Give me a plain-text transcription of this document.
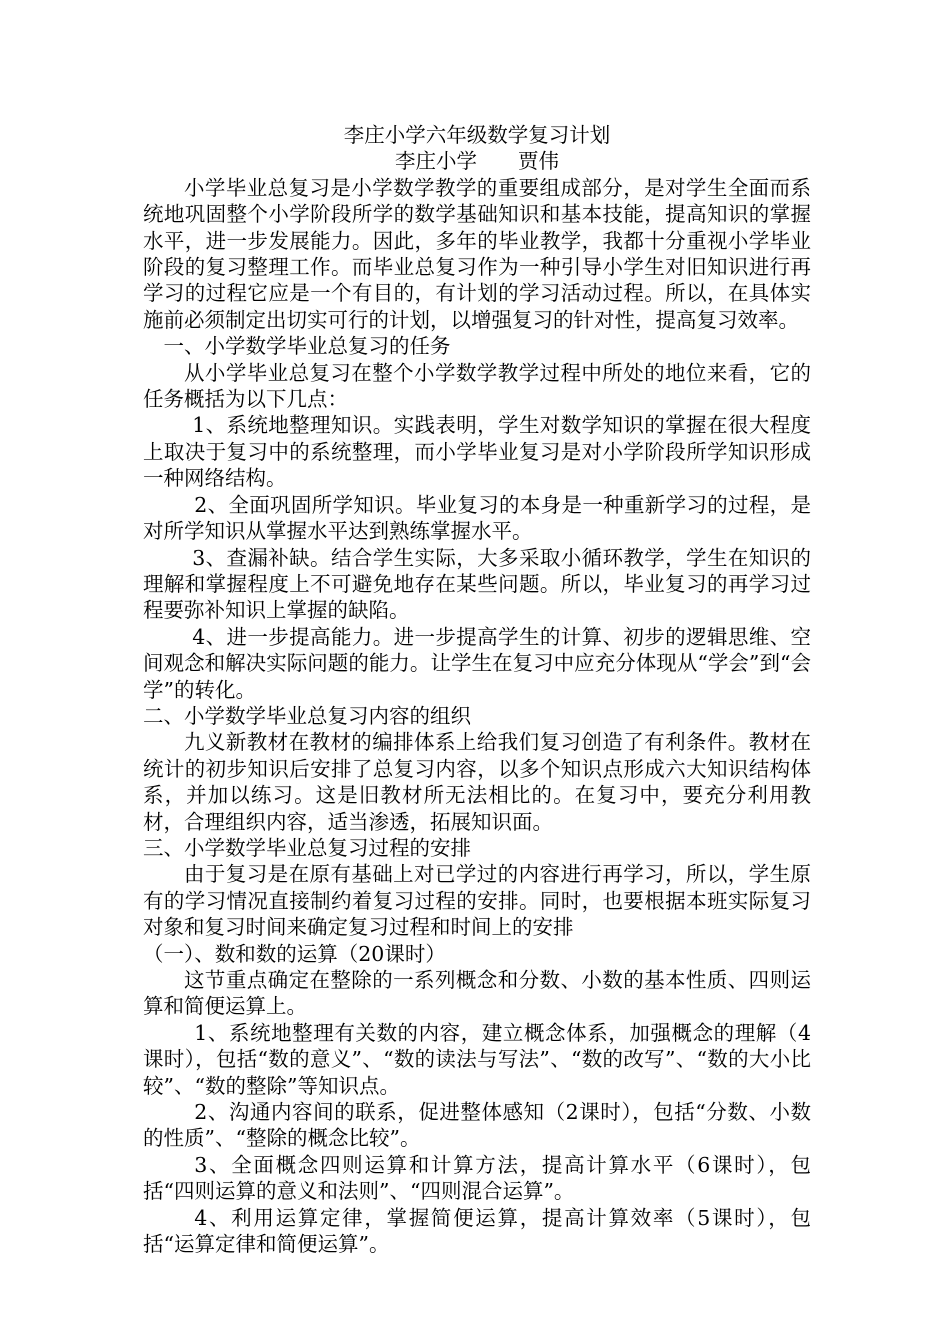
李庄小学六年级数学复习计划
李庄小学　　贾伟
小学毕业总复习是小学数学教学的重要组成部分，是对学生全面而系统地巩固整个小学阶段所学的数学基础知识和基本技能，提高知识的掌握水平，进一步发展能力。因此，多年的毕业教学，我都十分重视小学毕业阶段的复习整理工作。而毕业总复习作为一种引导小学生对旧知识进行再学习的过程它应是一个有目的，有计划的学习活动过程。所以，在具体实施前必须制定出切实可行的计划，以增强复习的针对性，提高复习效率。
一、小学数学毕业总复习的任务
从小学毕业总复习在整个小学数学教学过程中所处的地位来看，它的任务概括为以下几点：
1、系统地整理知识。实践表明，学生对数学知识的掌握在很大程度上取决于复习中的系统整理，而小学毕业复习是对小学阶段所学知识形成一种网络结构。
2、全面巩固所学知识。毕业复习的本身是一种重新学习的过程，是对所学知识从掌握水平达到熟练掌握水平。
3、查漏补缺。结合学生实际，大多采取小循环教学，学生在知识的理解和掌握程度上不可避免地存在某些问题。所以，毕业复习的再学习过程要弥补知识上掌握的缺陷。
4、进一步提高能力。进一步提高学生的计算、初步的逻辑思维、空间观念和解决实际问题的能力。让学生在复习中应充分体现从“学会”到“会学”的转化。
二、小学数学毕业总复习内容的组织
九义新教材在教材的编排体系上给我们复习创造了有利条件。教材在统计的初步知识后安排了总复习内容，以多个知识点形成六大知识结构体系，并加以练习。这是旧教材所无法相比的。在复习中，要充分利用教材，合理组织内容，适当渗透，拓展知识面。
三、小学数学毕业总复习过程的安排
由于复习是在原有基础上对已学过的内容进行再学习，所以，学生原有的学习情况直接制约着复习过程的安排。同时，也要根据本班实际复习对象和复习时间来确定复习过程和时间上的安排
（一）、数和数的运算（20课时）
这节重点确定在整除的一系列概念和分数、小数的基本性质、四则运算和简便运算上。
1、系统地整理有关数的内容，建立概念体系，加强概念的理解（4课时），包括“数的意义”、“数的读法与写法”、“数的改写”、“数的大小比较”、“数的整除”等知识点。
2、沟通内容间的联系，促进整体感知（2课时），包括“分数、小数的性质”、“整除的概念比较”。
3、全面概念四则运算和计算方法，提高计算水平（6课时），包括“四则运算的意义和法则”、“四则混合运算”。
4、利用运算定律，掌握简便运算，提高计算效率（5课时），包括“运算定律和简便运算”。
